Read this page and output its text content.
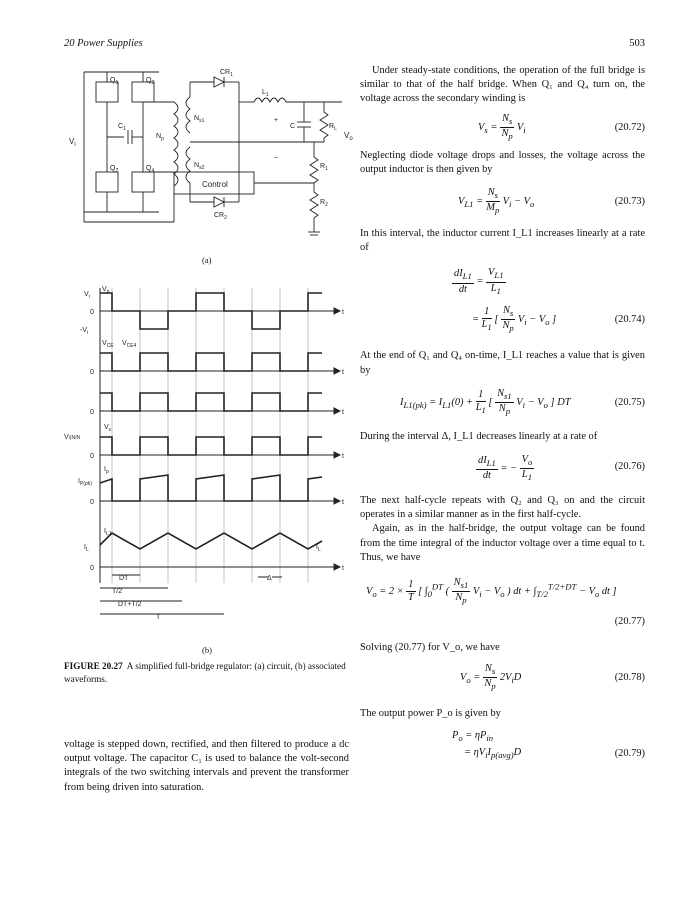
20 Power Supplies	503
$V_i$
Control
$V_o$
$CR_1$
$CR_2$
$L_1$
C	$R_L$
$R_1$
$R_2$
$C_1$
$Q_1$	$Q_3$
$Q_2$	$Q_4$
$N_{s1}$
$N_{s2}$
$N_p$
+
−
(a)
$V_i$
$V_p$
0
$-V_i$
$V_{CE}$ $V_{CE4}$
0
0
$V_s$
Vi(N/N
0
$I_p$
$I_{P(pk)}$
0
$I_{L1}$
$I_L$	$I_L$
0
t
t
t
t
t
t
DT
T/2
DT+T/2
T
Δ
(b)
FIGURE 20.27 A simplified full-bridge regulator: (a) circuit, (b) associated waveforms.
voltage is stepped down, rectified, and then filtered to produce a dc output voltage. The capacitor C₁ is used to balance the volt-second integrals of the two switching intervals and prevent the transformer from being driven into saturation.

Under steady-state conditions, the operation of the full bridge is similar to that of the half bridge. When Q₁ and Q₄ turn on, the voltage across the secondary winding is

$V_s = \frac{N_s}{N_p} V_i$	(20.72)

Neglecting diode voltage drops and losses, the voltage across the output inductor is then given by

$V_{L1} = \frac{N_s}{M_p} V_i - V_o$	(20.73)

In this interval, the inductor current I_L1 increases linearly at a rate of

$\frac{dI_{L1}}{dt} = \frac{V_{L1}}{L_1}$
= $\frac{1}{L_1}$ [ $\frac{N_s}{N_p} V_i - V_o$ ]	(20.74)

At the end of Q₁ and Q₄ on-time, I_L1 reaches a value that is given by

$I_{L1(pk)} = I_{L1}(0) + \frac{1}{L_1}$ [ $\frac{N_{s1}}{N_p} V_i - V_o$ ] DT	(20.75)

During the interval Δ, I_L1 decreases linearly at a rate of

$\frac{dI_{L1}}{dt}$ = − $\frac{V_o}{L_1}$	(20.76)

The next half-cycle repeats with Q₂ and Q₃ on and the circuit operates in a similar manner as in the first half-cycle.

Again, as in the half-bridge, the output voltage can be found from the time integral of the inductor voltage over a time equal to t. Thus, we have

$V_o = 2 \times \frac{1}{T}$ [ $\int_0^{DT}$ ( $\frac{N_{s1}}{N_p} V_i - V_o$ ) dt + $\int_{T/2}^{T/2+DT} - V_o$ dt ]
(20.77)

Solving (20.77) for V_o, we have

$V_o = \frac{N_s}{N_p} 2V_iD$	(20.78)

The output power P_o is given by

$P_o = \eta P_{in}$
= $\eta V_iI_{p(avg)}D$	(20.79)
